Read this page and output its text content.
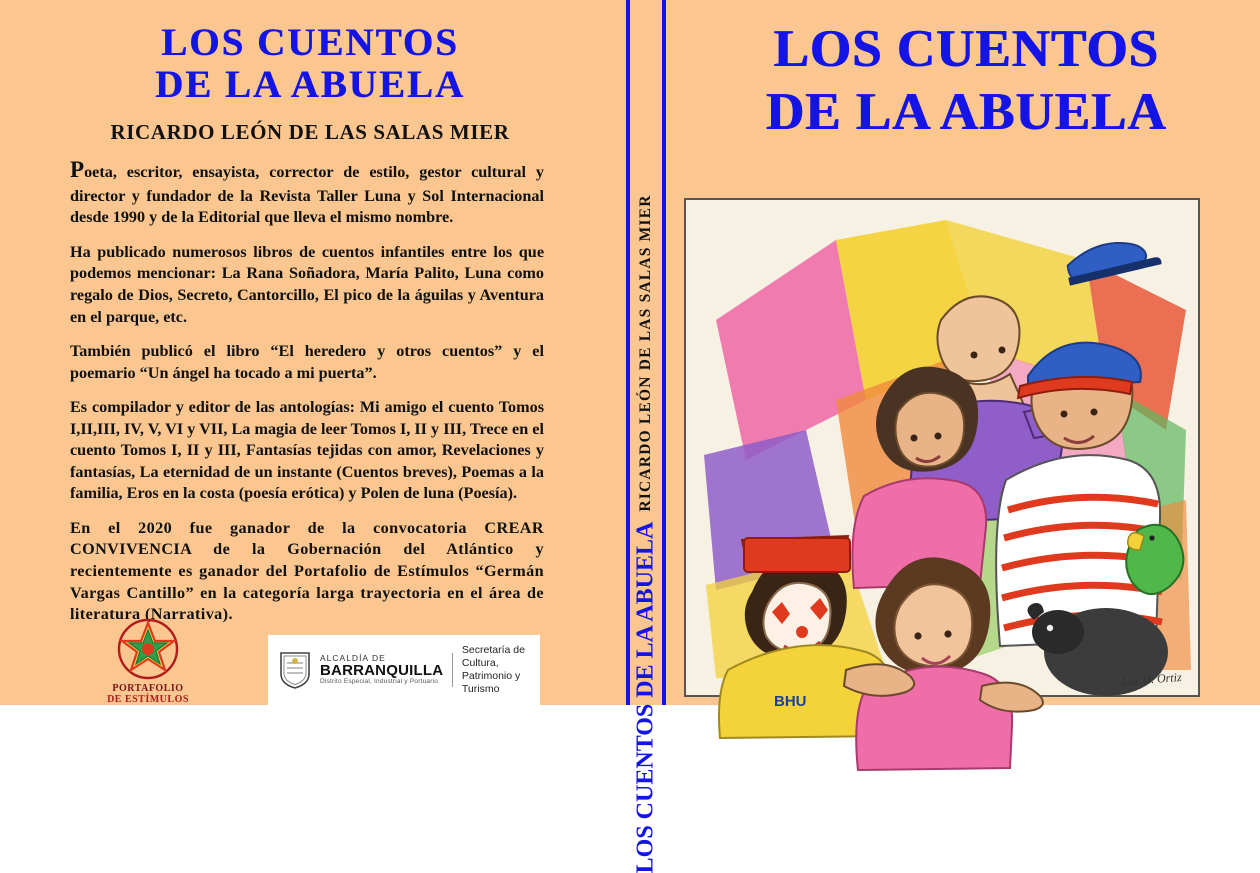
LOS CUENTOS
DE LA ABUELA
RICARDO LEÓN DE LAS SALAS MIER

Poeta, escritor, ensayista, corrector de estilo, gestor cultural y director y fundador de la Revista Taller Luna y Sol Internacional desde 1990 y de la Editorial que lleva el mismo nombre.

Ha publicado numerosos libros de cuentos infantiles entre los que podemos mencionar: La Rana Soñadora, María Palito, Luna como regalo de Dios, Secreto, Cantorcillo, El pico de la águilas y Aventura en el parque, etc.

También publicó el libro “El heredero y otros cuentos” y el poemario “Un ángel ha tocado a mi puerta”.

Es compilador y editor de las antologías: Mi amigo el cuento Tomos I,II,III, IV, V, VI y VII, La magia de leer Tomos I, II y III, Trece en el cuento Tomos I, II y III, Fantasías tejidas con amor, Revelaciones y fantasías, La eternidad de un instante (Cuentos breves), Poemas a la familia, Eros en la costa (poesía erótica) y Polen de luna (Poesía).

En el 2020 fue ganador de la convocatoria CREAR CONVIVENCIA de la Gobernación del Atlántico y recientemente es ganador del Portafolio de Estímulos “Germán Vargas Cantillo” en la categoría larga trayectoria en el área de literatura (Narrativa).

PORTAFOLIO
DE ESTÍMULOS
ALCALDÍA DE
BARRANQUILLA
Distrito Especial, Industrial y Portuario
Secretaría de Cultura,
Patrimonio y Turismo
RICARDO LEÓN DE LAS SALAS MIER
LOS CUENTOS DE LA ABUELA
LOS CUENTOS
DE LA ABUELA
BHU
Luz D. Ortiz
